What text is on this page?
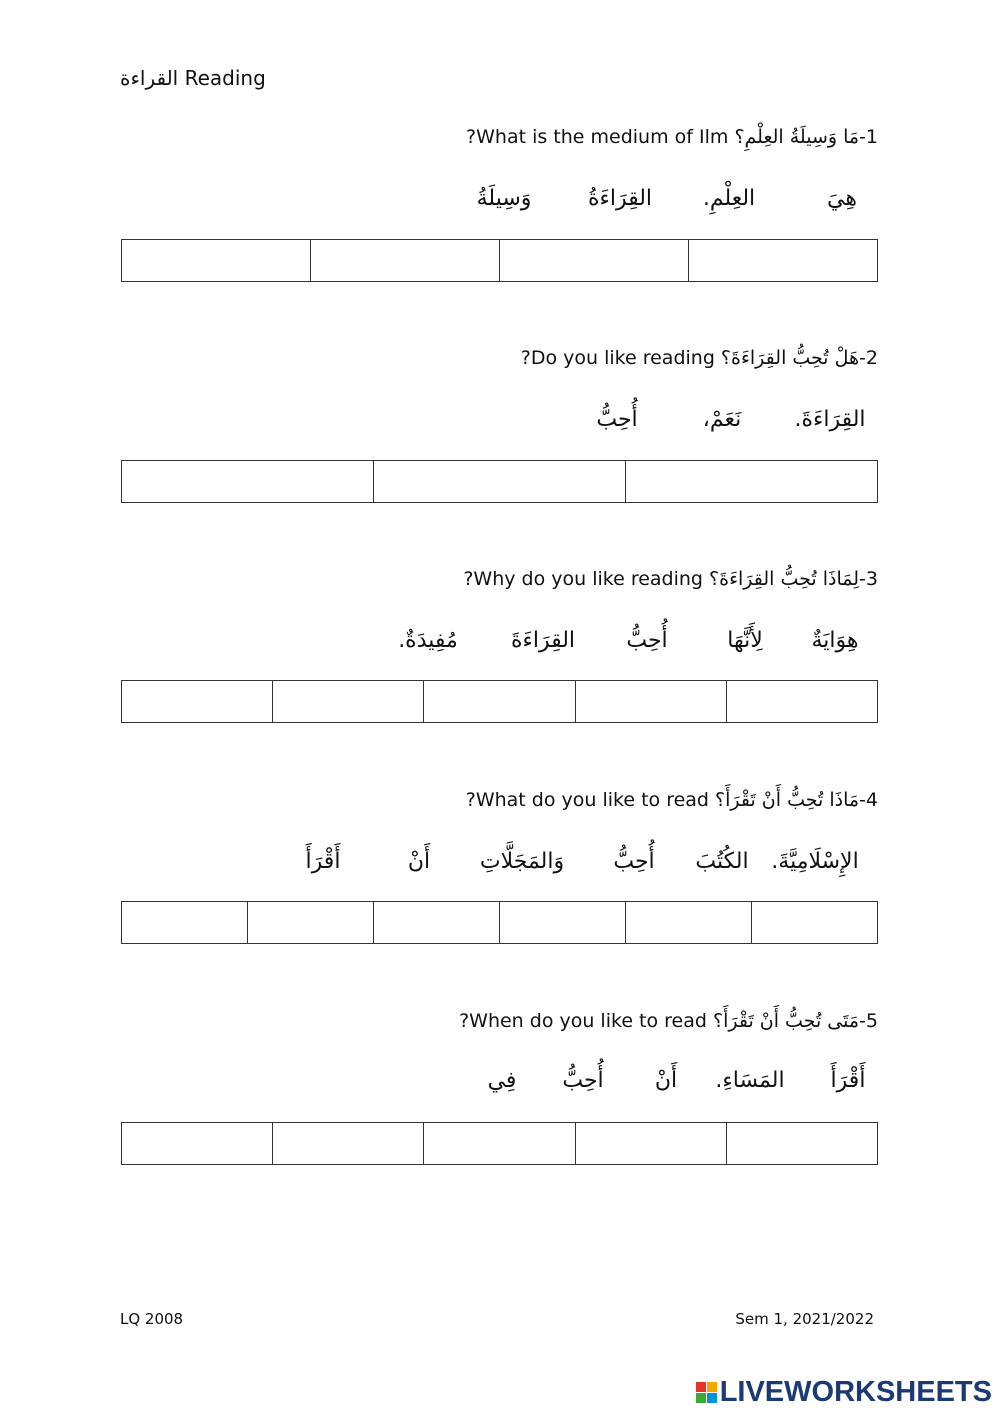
القراءة Reading
1-مَا وَسِيلَةُ العِلْمِ؟ What is the medium of Ilm?
هِيَ
العِلْمِ.
القِرَاءَةُ
وَسِيلَةُ
2-هَلْ تُحِبُّ القِرَاءَةَ؟ Do you like reading?
القِرَاءَةَ.
نَعَمْ،
أُحِبُّ
3-لِمَاذَا تُحِبُّ القِرَاءَةَ؟ Why do you like reading?
هِوَايَةٌ
لِأَنَّهَا
أُحِبُّ
القِرَاءَةَ
مُفِيدَةٌ.
4-مَاذَا تُحِبُّ أَنْ تَقْرَأَ؟ What do you like to read?
الإِسْلَامِيَّةَ.
الكُتُبَ
أُحِبُّ
وَالمَجَلَّاتِ
أَنْ
أَقْرَأَ
5-مَتَى تُحِبُّ أَنْ تَقْرَأَ؟ When do you like to read?
أَقْرَأَ
المَسَاءِ.
أَنْ
أُحِبُّ
فِي
LQ 2008	Sem 1, 2021/2022
LIVEWORKSHEETS
